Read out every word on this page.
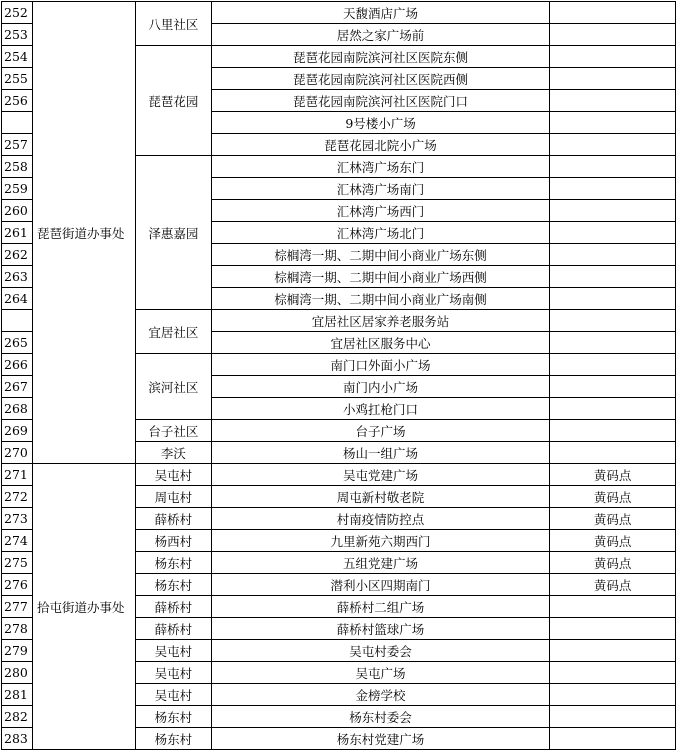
252	琵琶街道办事处	八里社区	天馥酒店广场	
253			居然之家广场前	
254		琵琶花园	琵琶花园南院滨河社区医院东侧	
255			琵琶花园南院滨河社区医院西侧	
256			琵琶花园南院滨河社区医院门口	
			9号楼小广场	
257			琵琶花园北院小广场	
258		泽惠嘉园	汇林湾广场东门	
259			汇林湾广场南门	
260			汇林湾广场西门	
261			汇林湾广场北门	
262			棕榈湾一期、二期中间小商业广场东侧	
263			棕榈湾一期、二期中间小商业广场西侧	
264			棕榈湾一期、二期中间小商业广场南侧	
		宜居社区	宜居社区居家养老服务站	
265			宜居社区服务中心	
266		滨河社区	南门口外面小广场	
267			南门内小广场	
268			小鸡扛枪门口	
269		台子社区	台子广场	
270		李沃	杨山一组广场	
271	拾屯街道办事处	吴屯村	吴屯党建广场	黄码点
272		周屯村	周屯新村敬老院	黄码点
273		薛桥村	村南疫情防控点	黄码点
274		杨西村	九里新苑六期西门	黄码点
275		杨东村	五组党建广场	黄码点
276		杨东村	潜利小区四期南门	黄码点
277		薛桥村	薛桥村二组广场	
278		薛桥村	薛桥村篮球广场	
279		吴屯村	吴屯村委会	
280		吴屯村	吴屯广场	
281		吴屯村	金榜学校	
282		杨东村	杨东村委会	
283		杨东村	杨东村党建广场	
